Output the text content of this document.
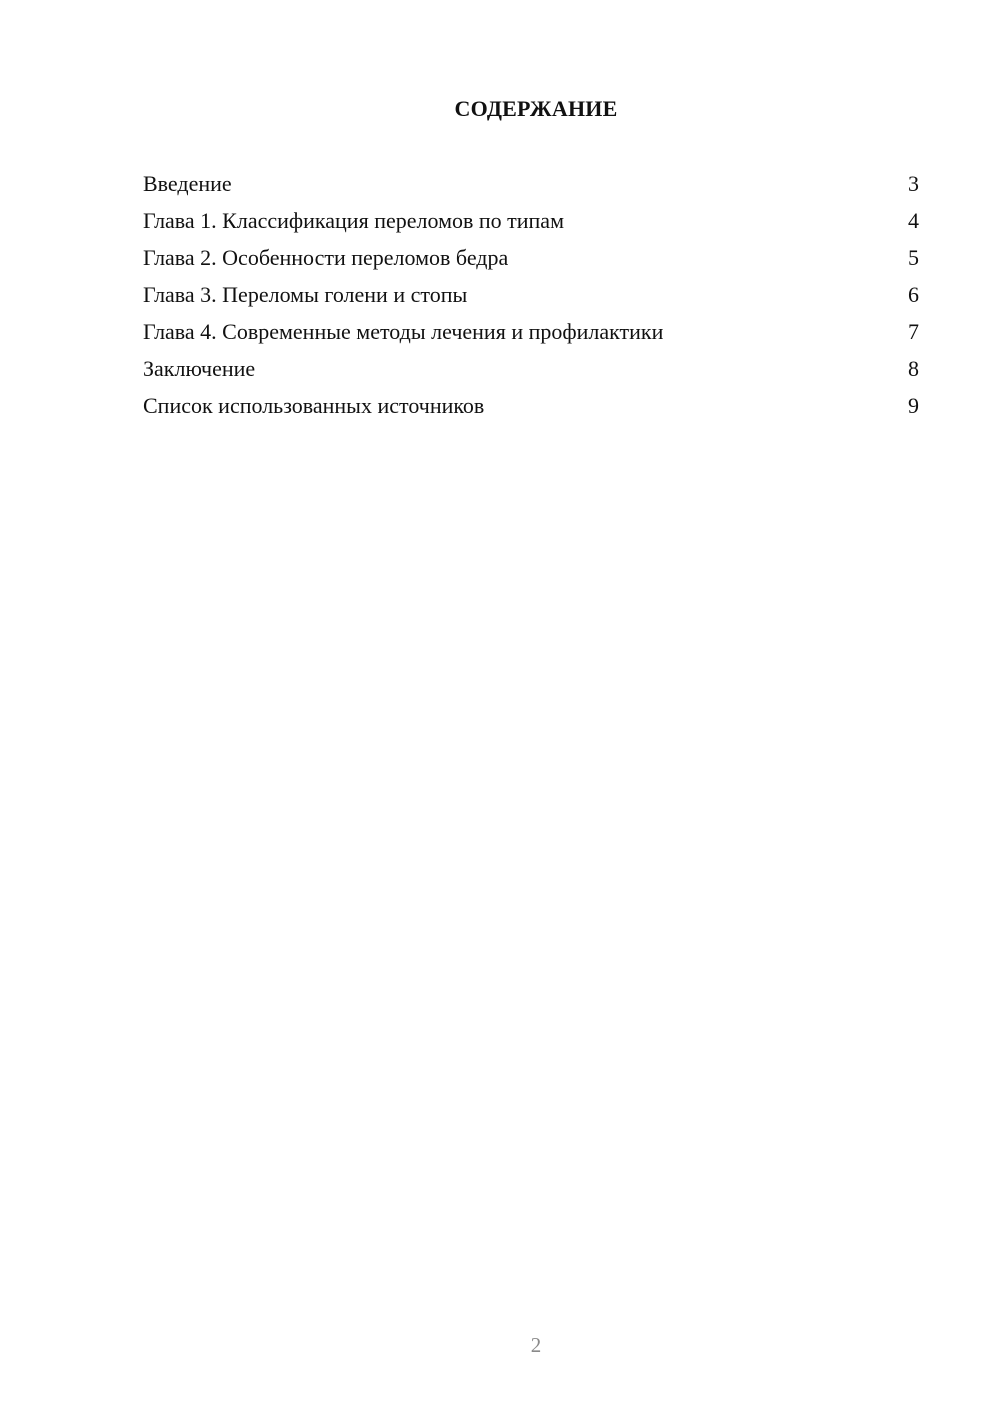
СОДЕРЖАНИЕ
Введение	3
Глава 1. Классификация переломов по типам	4
Глава 2. Особенности переломов бедра	5
Глава 3. Переломы голени и стопы	6
Глава 4. Современные методы лечения и профилактики	7
Заключение	8
Список использованных источников	9
2
